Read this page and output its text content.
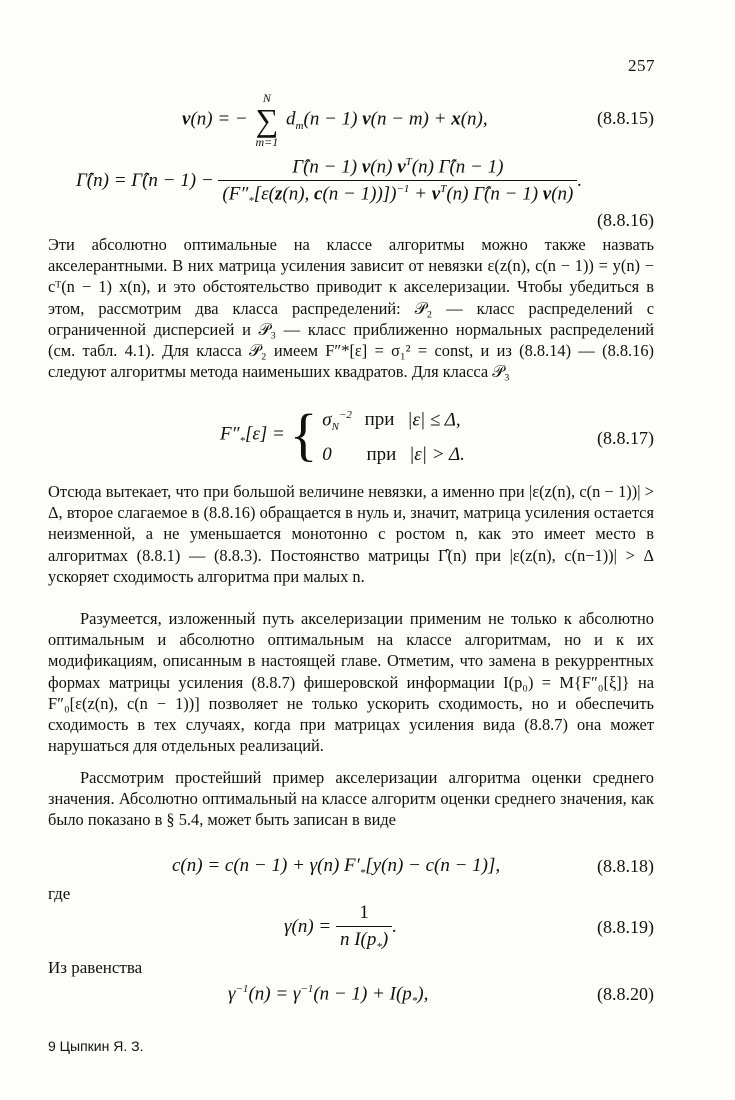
257
v(n) = −
N
∑
m=1
$d_m(n - 1) v(n - m) + x(n)$,	(8.8.15)
Γ̂(n) = Γ̂(n − $1) - \frac{\Gammâ(n - 1) v(n) v^T(n) \Gammâ(n - 1)}{(F''_*[\varepsilon(z(n), c(n - 1))])^{-1} + v^T(n) \Gammâ(n - 1) v(n)}$ .
(8.8.16)

Эти абсолютно оптимальные на классе алгоритмы можно также назвать акселерантными. В них матрица усиления зависит от невязки ε(z(n), c(n − 1)) = y(n) − cᵀ(n − 1) x(n), и это обстоятельство приводит к акселеризации. Чтобы убедиться в этом, рассмотрим два класса распределений: 𝒫₂ — класс распределений с ограниченной дисперсией и 𝒫₃ — класс приближенно нормальных распределений (см. табл. 4.1). Для класса 𝒫₂ имеем F″*[ε] = σ₁² = const, и из (8.8.14) — (8.8.16) следуют алгоритмы метода наименьших квадратов. Для класса 𝒫₃

$F''_*[\varepsilon]$ = { $\sigma_N^{-2}$ при |ε| ≤ Δ,
0 при |ε| > Δ.
(8.8.17)

Отсюда вытекает, что при большой величине невязки, а именно при |ε(z(n), c(n − 1))| > Δ, второе слагаемое в (8.8.16) обращается в нуль и, значит, матрица усиления остается неизменной, а не уменьшается монотонно с ростом n, как это имеет место в алгоритмах (8.8.1) — (8.8.3). Постоянство матрицы Γ̂(n) при |ε(z(n), c(n−1))| > Δ ускоряет сходимость алгоритма при малых n.

Разумеется, изложенный путь акселеризации применим не только к абсолютно оптимальным и абсолютно оптимальным на классе алгоритмам, но и к их модификациям, описанным в настоящей главе. Отметим, что замена в рекуррентных формах матрицы усиления (8.8.7) фишеровской информации I(p₀) = M{F″₀[ξ]} на F″₀[ε(z(n), c(n − 1))] позволяет не только ускорить сходимость, но и обеспечить сходимость в тех случаях, когда при матрицах усиления вида (8.8.7) она может нарушаться для отдельных реализаций.

Рассмотрим простейший пример акселеризации алгоритма оценки среднего значения. Абсолютно оптимальный на классе алгоритм оценки среднего значения, как было показано в § 5.4, может быть записан в виде

c(n) = c(n − 1) + γ(n) $F'_*[y(n) - c(n - 1)]$,	(8.8.18)
где
$\gamma(n) = \frac{1}{n I(p_*)}$ .	(8.8.19)
Из равенства
$\gamma^{-1}(n) = \gamma^{-1}(n - 1) + I(p_*)$,	(8.8.20)
9 Цыпкин Я. З.
